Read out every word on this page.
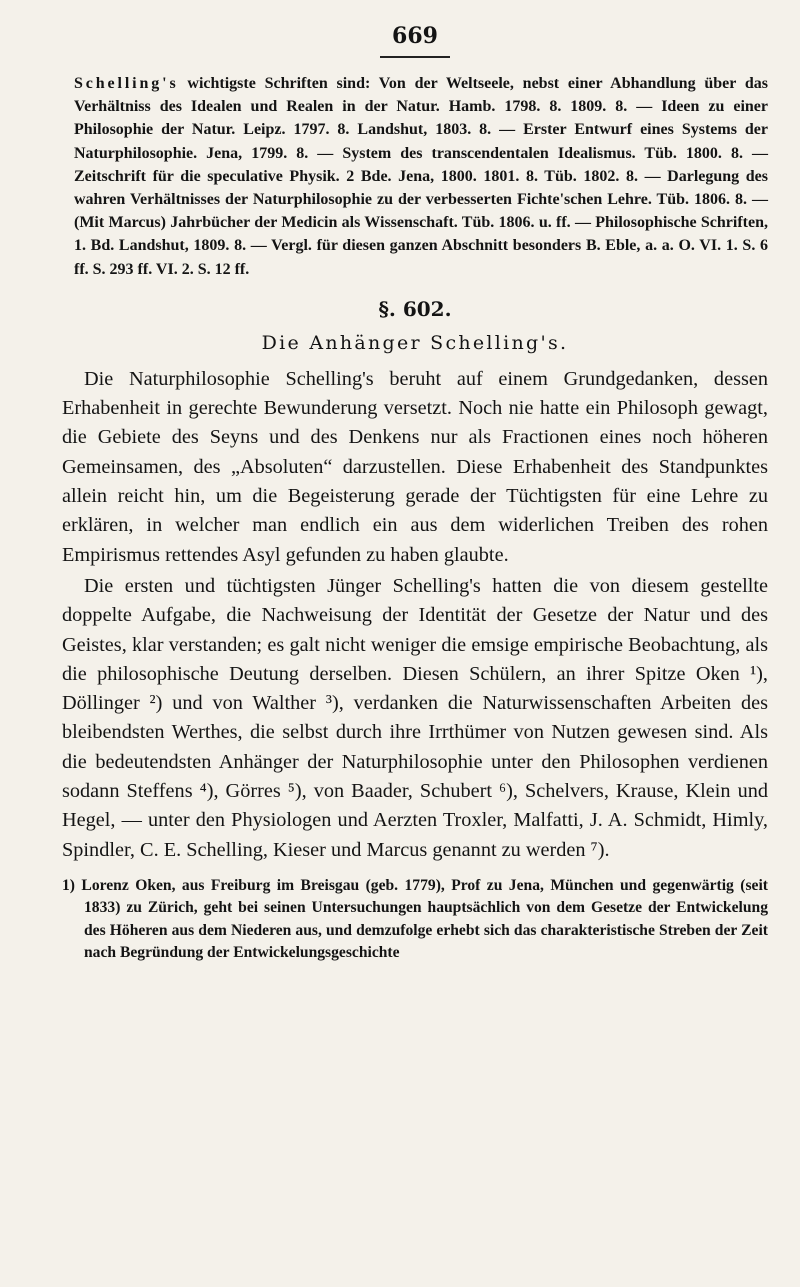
669
Schelling's wichtigste Schriften sind: Von der Weltseele, nebst einer Abhandlung über das Verhältniss des Idealen und Realen in der Natur. Hamb. 1798. 8. 1809. 8. — Ideen zu einer Philosophie der Natur. Leipz. 1797. 8. Landshut, 1803. 8. — Erster Entwurf eines Systems der Naturphilosophie. Jena, 1799. 8. — System des transcendentalen Idealismus. Tüb. 1800. 8. — Zeitschrift für die speculative Physik. 2 Bde. Jena, 1800. 1801. 8. Tüb. 1802. 8. — Darlegung des wahren Verhältnisses der Naturphilosophie zu der verbesserten Fichte'schen Lehre. Tüb. 1806. 8. — (Mit Marcus) Jahrbücher der Medicin als Wissenschaft. Tüb. 1806. u. ff. — Philosophische Schriften, 1. Bd. Landshut, 1809. 8. — Vergl. für diesen ganzen Abschnitt besonders B. Eble, a. a. O. VI. 1. S. 6 ff. S. 293 ff. VI. 2. S. 12 ff.
§. 602.
Die Anhänger Schelling's.

Die Naturphilosophie Schelling's beruht auf einem Grundgedanken, dessen Erhabenheit in gerechte Bewunderung versetzt. Noch nie hatte ein Philosoph gewagt, die Gebiete des Seyns und des Denkens nur als Fractionen eines noch höheren Gemeinsamen, des „Absoluten“ darzustellen. Diese Erhabenheit des Standpunktes allein reicht hin, um die Begeisterung gerade der Tüchtigsten für eine Lehre zu erklären, in welcher man endlich ein aus dem widerlichen Treiben des rohen Empirismus rettendes Asyl gefunden zu haben glaubte.

Die ersten und tüchtigsten Jünger Schelling's hatten die von diesem gestellte doppelte Aufgabe, die Nachweisung der Identität der Gesetze der Natur und des Geistes, klar verstanden; es galt nicht weniger die emsige empirische Beobachtung, als die philosophische Deutung derselben. Diesen Schülern, an ihrer Spitze Oken ¹), Döllinger ²) und von Walther ³), verdanken die Naturwissenschaften Arbeiten des bleibendsten Werthes, die selbst durch ihre Irrthümer von Nutzen gewesen sind. Als die bedeutendsten Anhänger der Naturphilosophie unter den Philosophen verdienen sodann Steffens ⁴), Görres ⁵), von Baader, Schubert ⁶), Schelvers, Krause, Klein und Hegel, — unter den Physiologen und Aerzten Troxler, Malfatti, J. A. Schmidt, Himly, Spindler, C. E. Schelling, Kieser und Marcus genannt zu werden ⁷).

1) Lorenz Oken, aus Freiburg im Breisgau (geb. 1779), Prof zu Jena, München und gegenwärtig (seit 1833) zu Zürich, geht bei seinen Untersuchungen hauptsächlich von dem Gesetze der Entwickelung des Höheren aus dem Niederen aus, und demzufolge erhebt sich das charakteristische Streben der Zeit nach Begründung der Entwickelungsgeschichte
